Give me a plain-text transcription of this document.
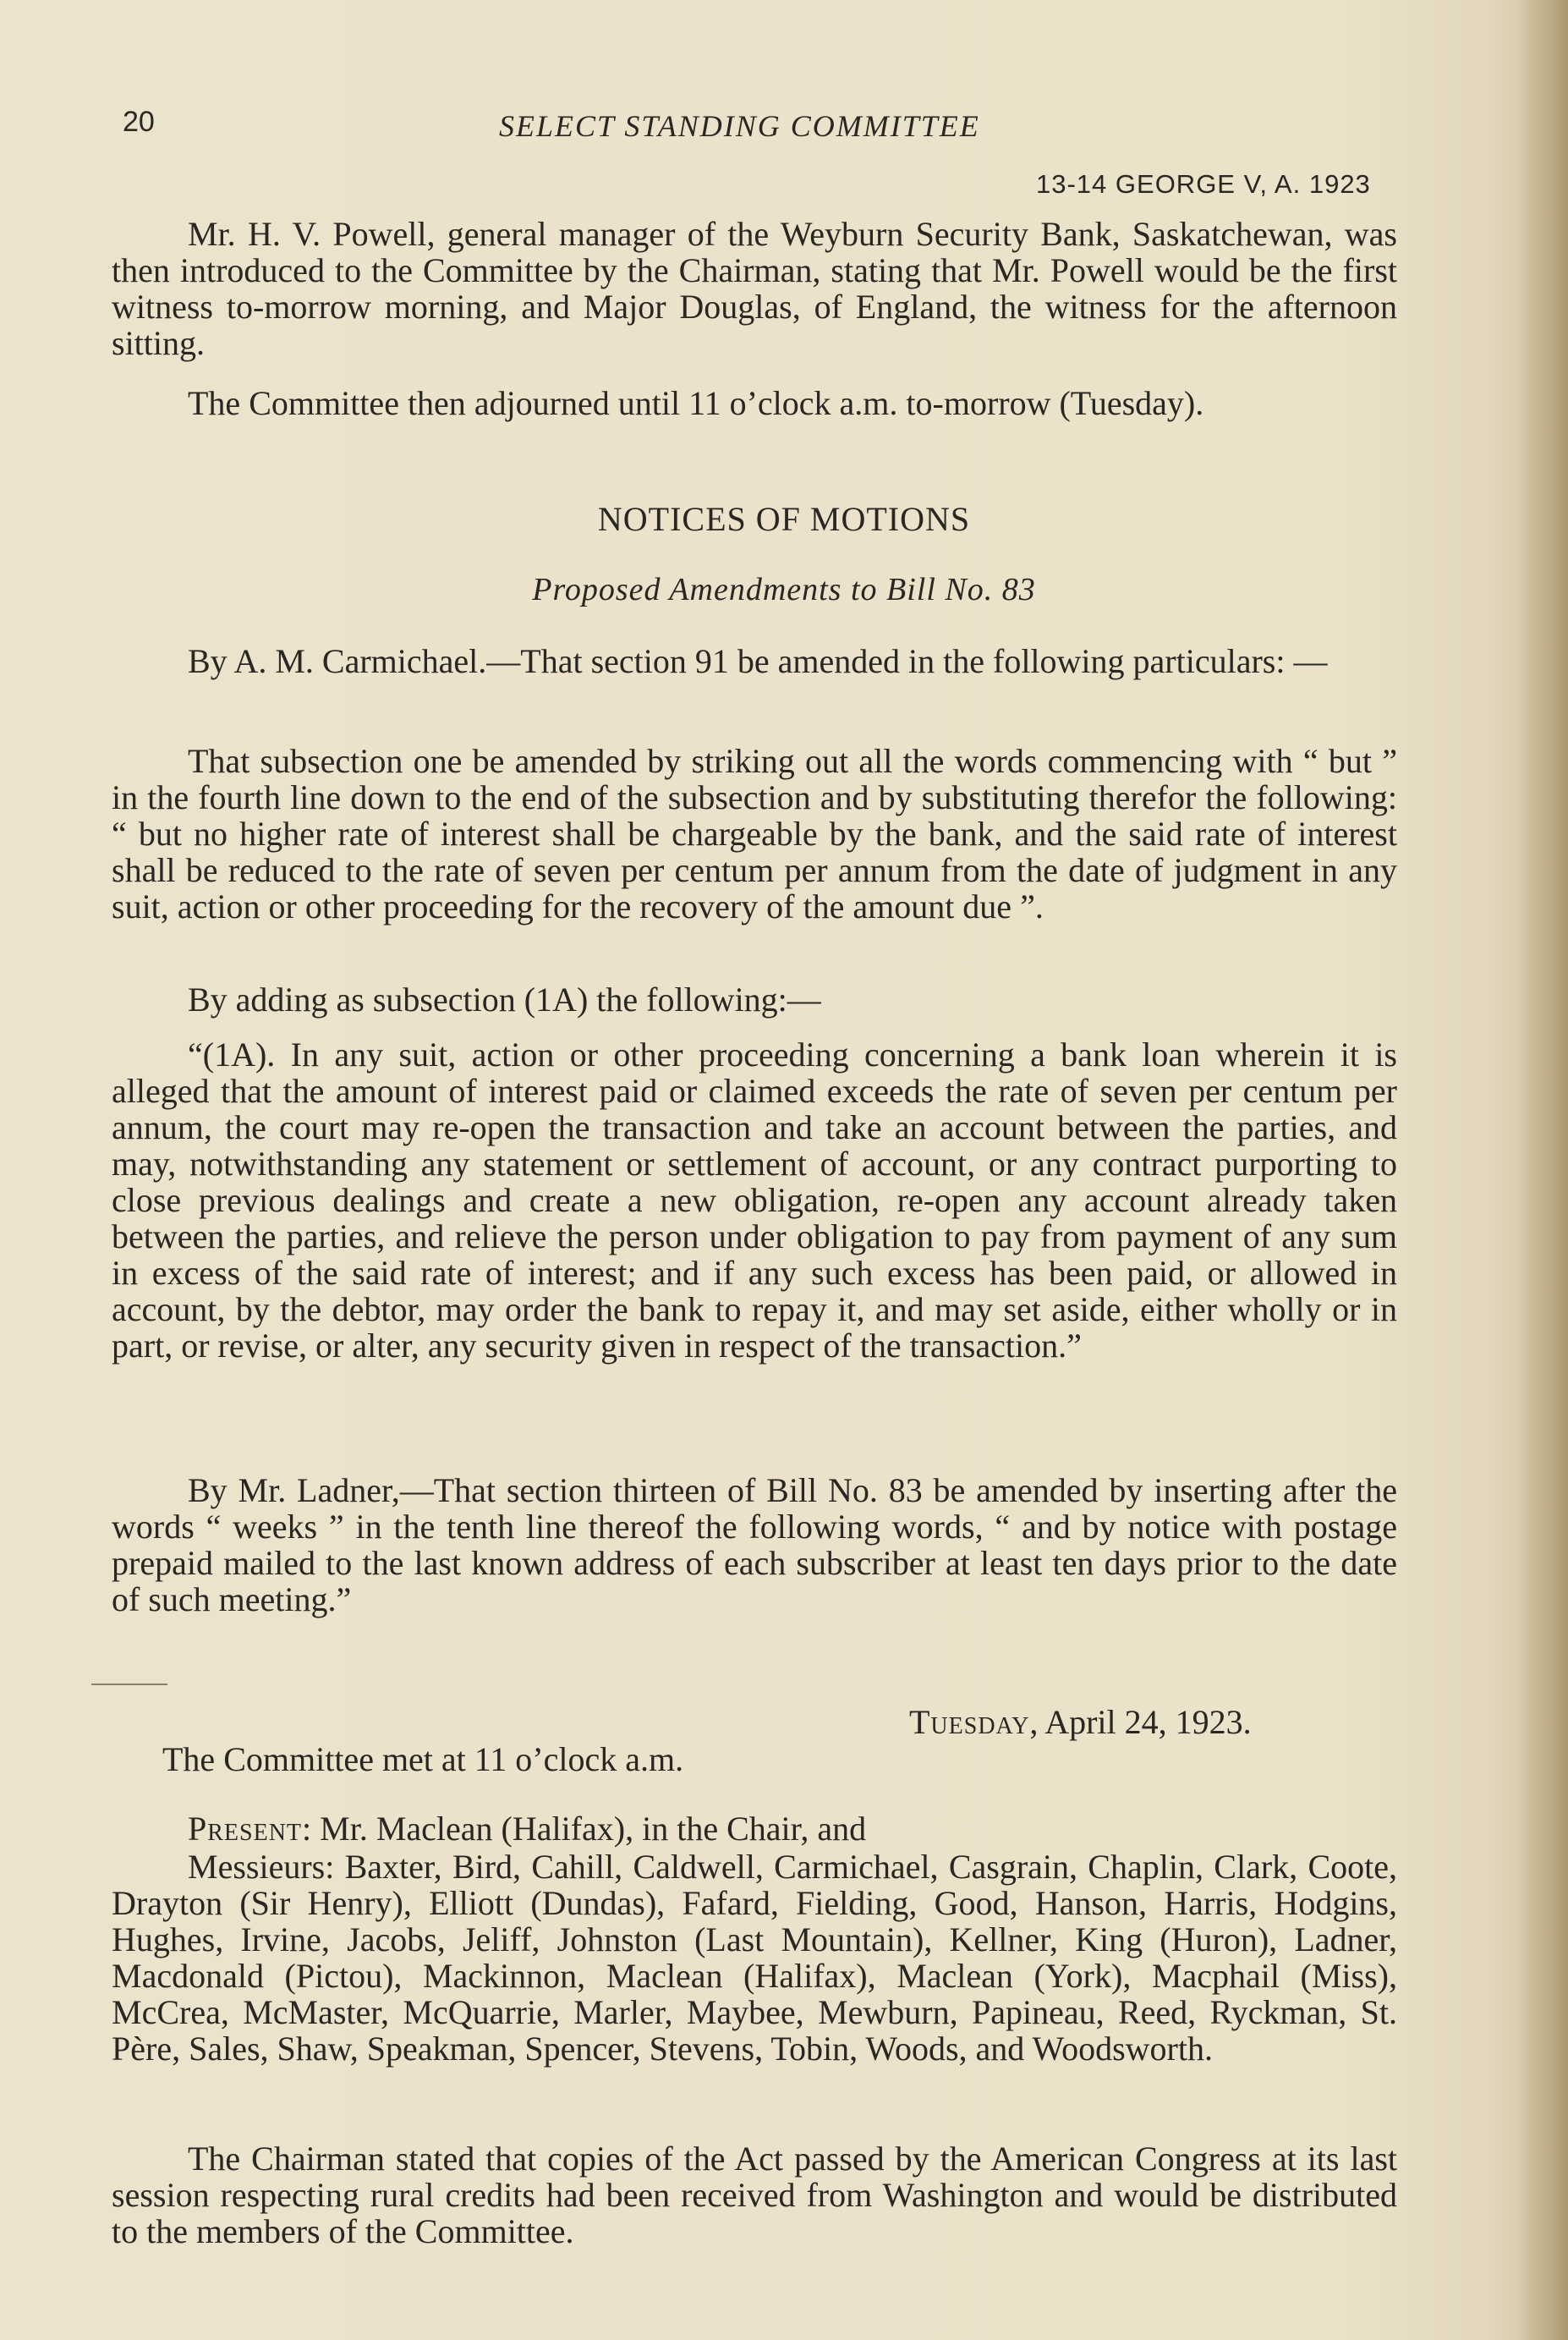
20	SELECT STANDING COMMITTEE
13-14 GEORGE V, A. 1923

Mr. H. V. Powell, general manager of the Weyburn Security Bank, Saskatchewan, was then introduced to the Committee by the Chairman, stating that Mr. Powell would be the first witness to-morrow morning, and Major Douglas, of England, the witness for the afternoon sitting.

The Committee then adjourned until 11 o’clock a.m. to-morrow (Tuesday).

NOTICES OF MOTIONS
Proposed Amendments to Bill No. 83

By A. M. Carmichael.—That section 91 be amended in the following particulars: —

That subsection one be amended by striking out all the words commencing with “ but ” in the fourth line down to the end of the subsection and by substituting therefor the following: “ but no higher rate of interest shall be chargeable by the bank, and the said rate of interest shall be reduced to the rate of seven per centum per annum from the date of judgment in any suit, action or other proceeding for the recovery of the amount due ”.

By adding as subsection (1A) the following:—

“(1A). In any suit, action or other proceeding concerning a bank loan wherein it is alleged that the amount of interest paid or claimed exceeds the rate of seven per centum per annum, the court may re-open the transaction and take an account between the parties, and may, notwithstanding any statement or settlement of account, or any contract purporting to close previous dealings and create a new obligation, re-open any account already taken between the parties, and relieve the person under obligation to pay from payment of any sum in excess of the said rate of interest; and if any such excess has been paid, or allowed in account, by the debtor, may order the bank to repay it, and may set aside, either wholly or in part, or revise, or alter, any security given in respect of the transaction.”

By Mr. Ladner,—That section thirteen of Bill No. 83 be amended by inserting after the words “ weeks ” in the tenth line thereof the following words, “ and by notice with postage prepaid mailed to the last known address of each subscriber at least ten days prior to the date of such meeting.”

Tuesday, April 24, 1923.

The Committee met at 11 o’clock a.m.

Present: Mr. Maclean (Halifax), in the Chair, and

Messieurs: Baxter, Bird, Cahill, Caldwell, Carmichael, Casgrain, Chaplin, Clark, Coote, Drayton (Sir Henry), Elliott (Dundas), Fafard, Fielding, Good, Hanson, Harris, Hodgins, Hughes, Irvine, Jacobs, Jeliff, Johnston (Last Mountain), Kellner, King (Huron), Ladner, Macdonald (Pictou), Mackinnon, Maclean (Halifax), Maclean (York), Macphail (Miss), McCrea, McMaster, McQuarrie, Marler, Maybee, Mewburn, Papineau, Reed, Ryckman, St. Père, Sales, Shaw, Speakman, Spencer, Stevens, Tobin, Woods, and Woodsworth.

The Chairman stated that copies of the Act passed by the American Congress at its last session respecting rural credits had been received from Washington and would be distributed to the members of the Committee.
